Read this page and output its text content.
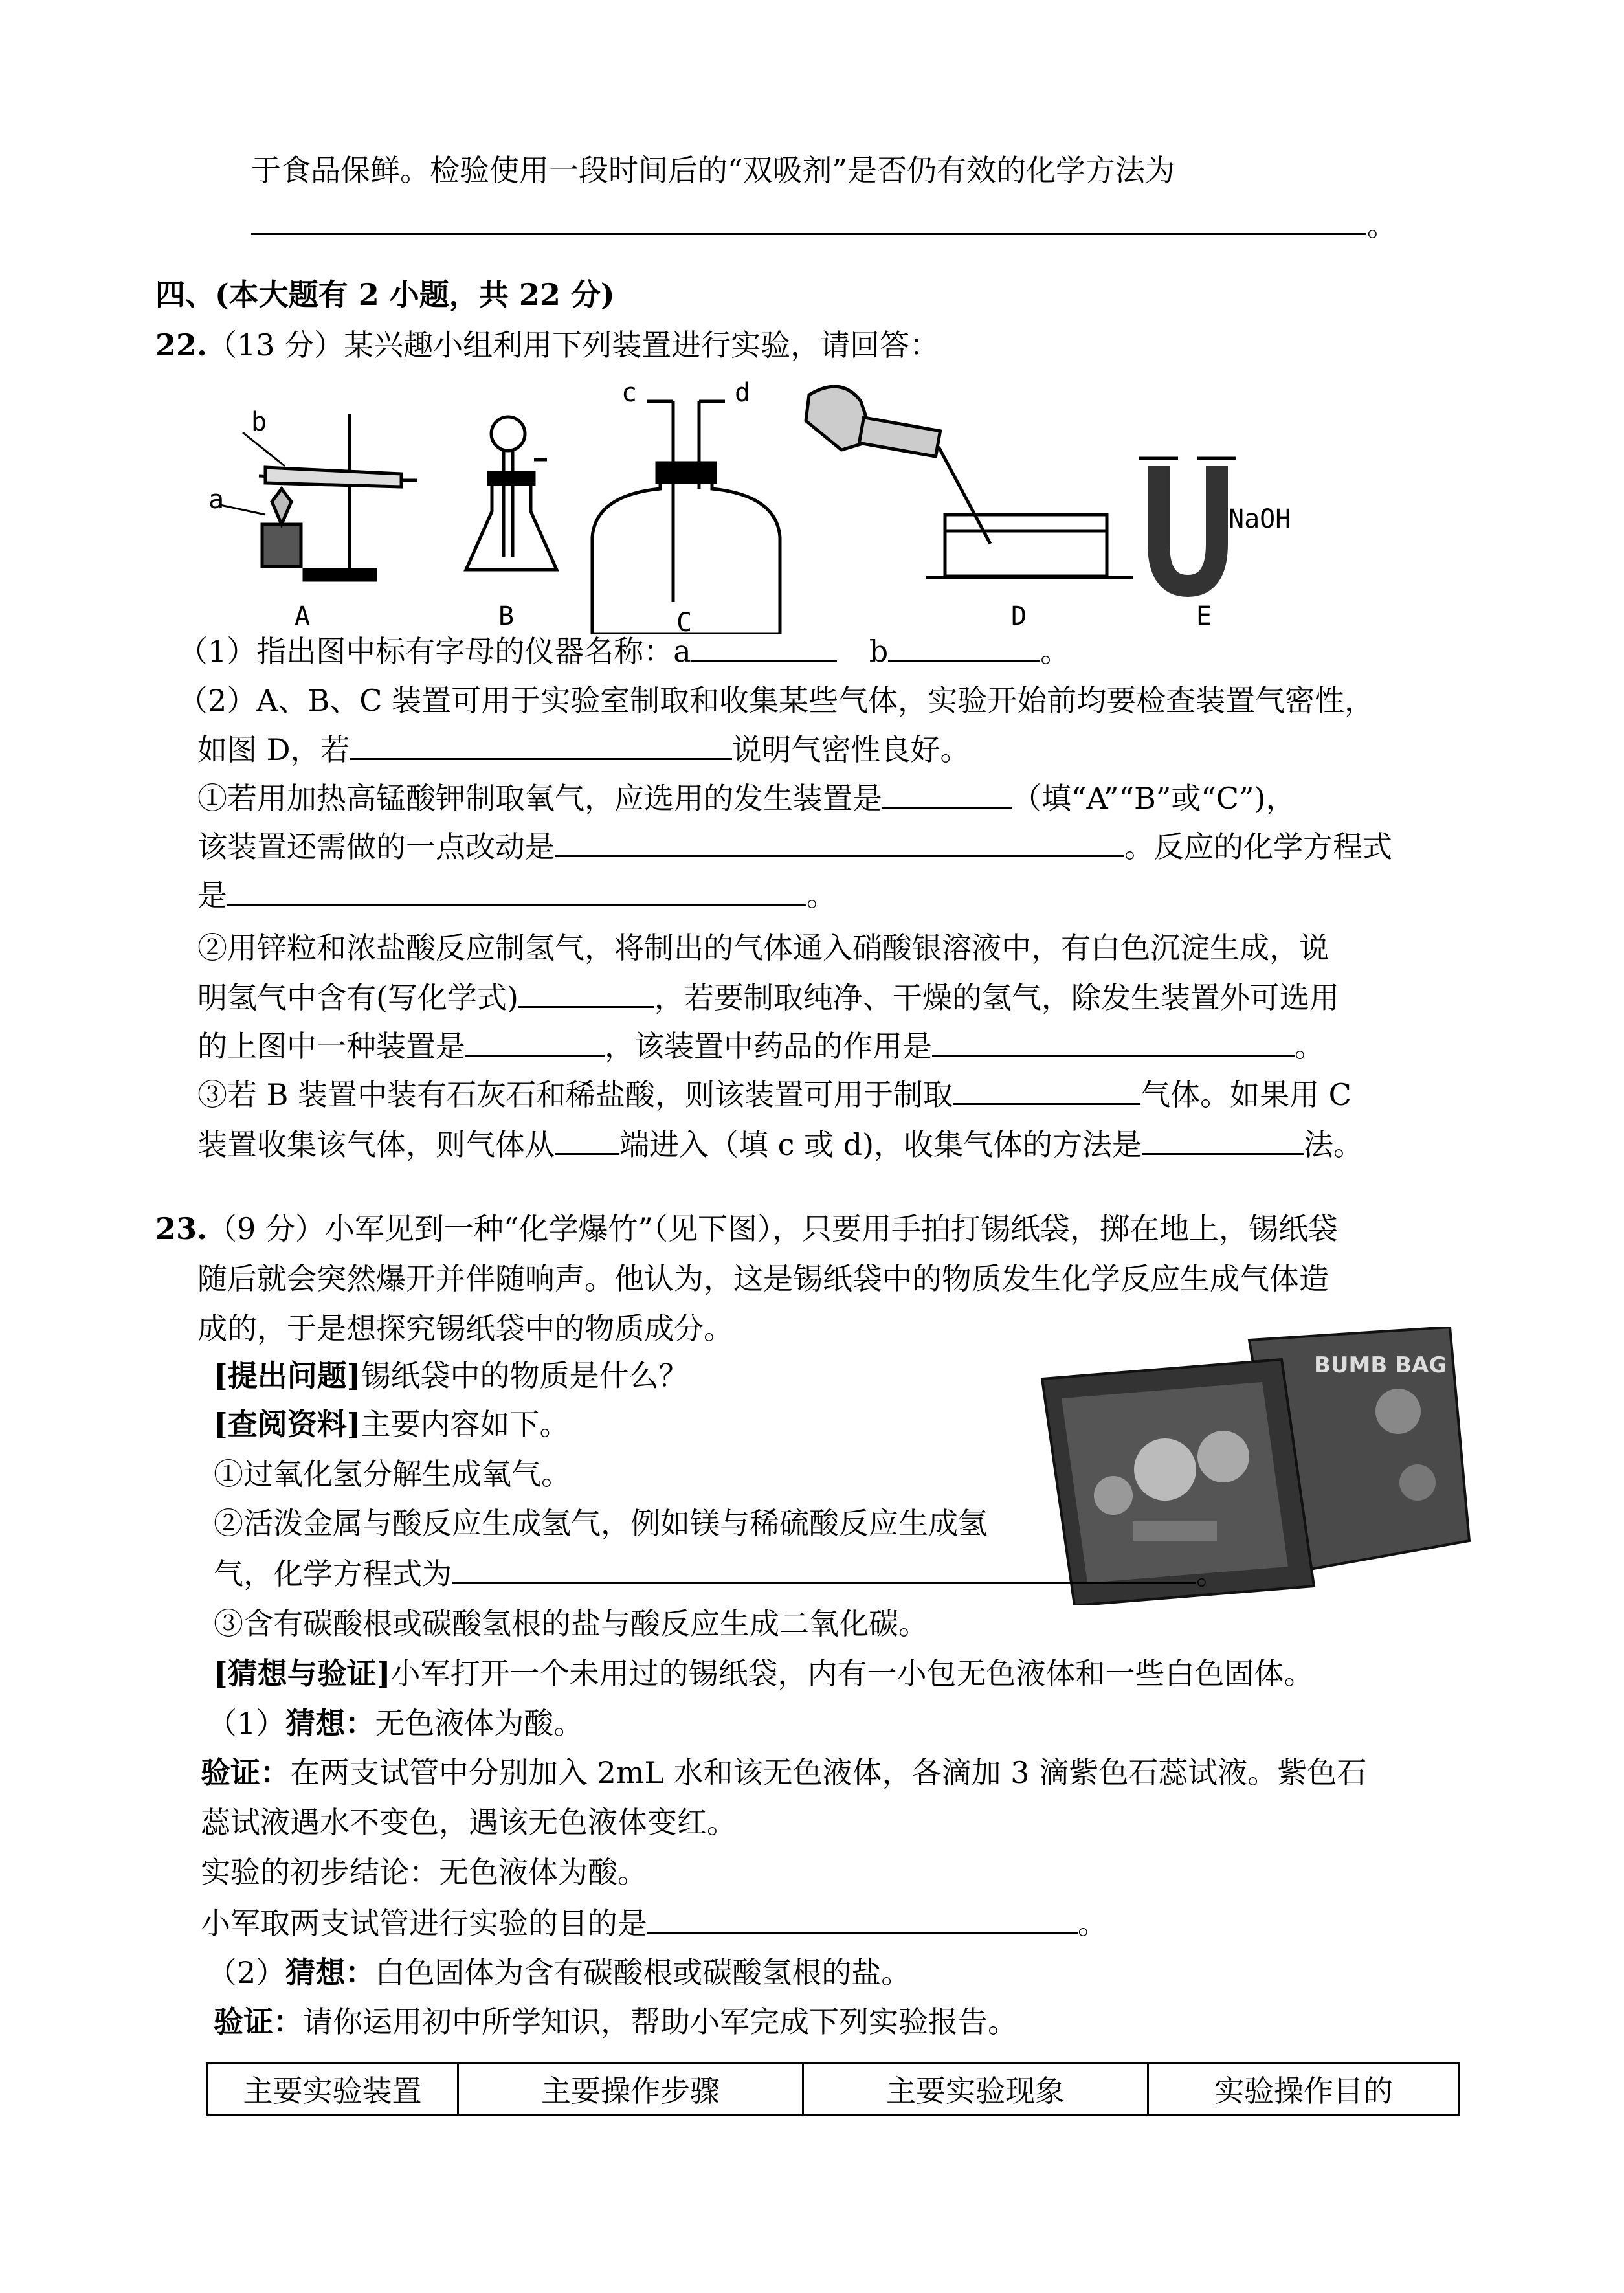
于食品保鲜。检验使用一段时间后的“双吸剂”是否仍有效的化学方法为
。
四、(本大题有 2 小题，共 22 分)
22.（13 分）某兴趣小组利用下列装置进行实验，请回答：
b
a
c	d
NaOH
A	B	C	D	E
（1）指出图中标有字母的仪器名称：a	b	。
（2）A、B、C 装置可用于实验室制取和收集某些气体，实验开始前均要检查装置气密性，
如图 D，若	说明气密性良好。
①若用加热高锰酸钾制取氧气，应选用的发生装置是	（填“A”“B”或“C”)，
该装置还需做的一点改动是	。反应的化学方程式
是	。
②用锌粒和浓盐酸反应制氢气，将制出的气体通入硝酸银溶液中，有白色沉淀生成，说
明氢气中含有(写化学式)	，若要制取纯净、干燥的氢气，除发生装置外可选用
的上图中一种装置是	，该装置中药品的作用是	。
③若 B 装置中装有石灰石和稀盐酸，则该装置可用于制取	气体。如果用 C
装置收集该气体，则气体从 端进入（填 c 或 d)，收集气体的方法是	法。
23.（9 分）小军见到一种“化学爆竹”（见下图），只要用手拍打锡纸袋，掷在地上，锡纸袋
随后就会突然爆开并伴随响声。他认为，这是锡纸袋中的物质发生化学反应生成气体造
成的，于是想探究锡纸袋中的物质成分。
BUMB BAG
[提出问题]锡纸袋中的物质是什么？
[查阅资料]主要内容如下。
①过氧化氢分解生成氧气。
②活泼金属与酸反应生成氢气，例如镁与稀硫酸反应生成氢
气，化学方程式为	。
③含有碳酸根或碳酸氢根的盐与酸反应生成二氧化碳。
[猜想与验证]小军打开一个未用过的锡纸袋，内有一小包无色液体和一些白色固体。
（1）猜想：无色液体为酸。
验证：在两支试管中分别加入 2mL 水和该无色液体，各滴加 3 滴紫色石蕊试液。紫色石
蕊试液遇水不变色，遇该无色液体变红。
实验的初步结论：无色液体为酸。
小军取两支试管进行实验的目的是	。
（2）猜想：白色固体为含有碳酸根或碳酸氢根的盐。
验证：请你运用初中所学知识，帮助小军完成下列实验报告。
主要实验装置	主要操作步骤	主要实验现象	实验操作目的
